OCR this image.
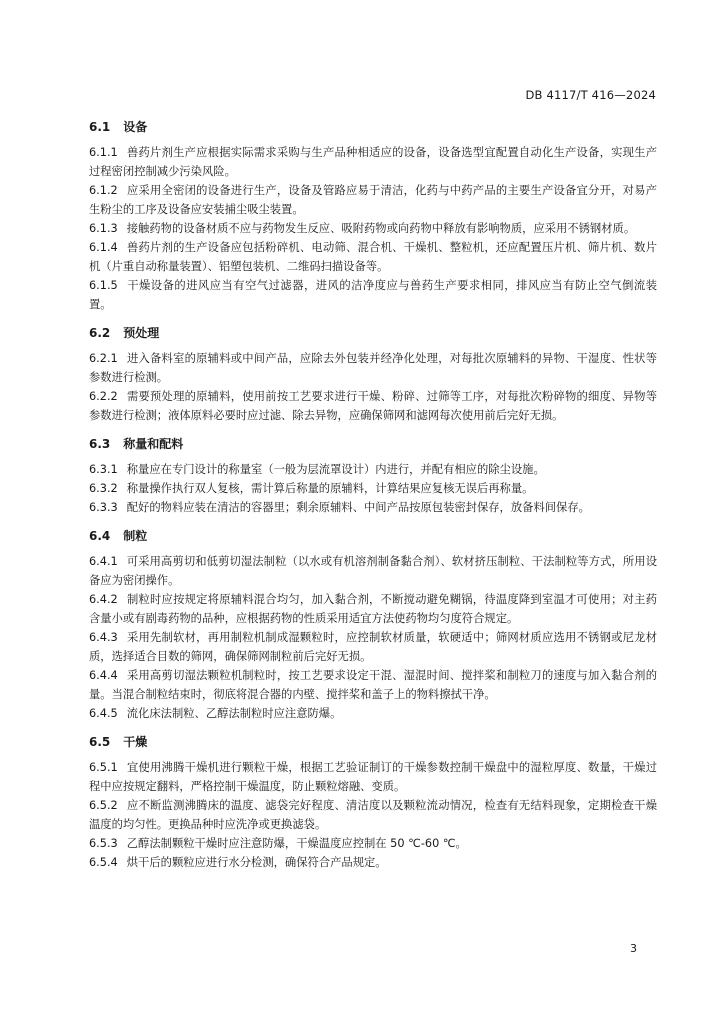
DB 4117/T 416—2024
6.1 设备

6.1.1 兽药片剂生产应根据实际需求采购与生产品种相适应的设备，设备选型宜配置自动化生产设备，实现生产过程密闭控制减少污染风险。

6.1.2 应采用全密闭的设备进行生产，设备及管路应易于清洁，化药与中药产品的主要生产设备宜分开，对易产生粉尘的工序及设备应安装捕尘吸尘装置。

6.1.3 接触药物的设备材质不应与药物发生反应、吸附药物或向药物中释放有影响物质，应采用不锈钢材质。

6.1.4 兽药片剂的生产设备应包括粉碎机、电动筛、混合机、干燥机、整粒机，还应配置压片机、筛片机、数片机（片重自动称量装置）、铝塑包装机、二维码扫描设备等。

6.1.5 干燥设备的进风应当有空气过滤器，进风的洁净度应与兽药生产要求相同，排风应当有防止空气倒流装置。

6.2 预处理

6.2.1 进入备料室的原辅料或中间产品，应除去外包装并经净化处理，对每批次原辅料的异物、干湿度、性状等参数进行检测。

6.2.2 需要预处理的原辅料，使用前按工艺要求进行干燥、粉碎、过筛等工序，对每批次粉碎物的细度、异物等参数进行检测；液体原料必要时应过滤、除去异物，应确保筛网和滤网每次使用前后完好无损。

6.3 称量和配料

6.3.1 称量应在专门设计的称量室（一般为层流罩设计）内进行，并配有相应的除尘设施。

6.3.2 称量操作执行双人复核，需计算后称量的原辅料，计算结果应复核无误后再称量。

6.3.3 配好的物料应装在清洁的容器里；剩余原辅料、中间产品按原包装密封保存，放备料间保存。

6.4 制粒

6.4.1 可采用高剪切和低剪切湿法制粒（以水或有机溶剂制备黏合剂）、软材挤压制粒、干法制粒等方式，所用设备应为密闭操作。

6.4.2 制粒时应按规定将原辅料混合均匀，加入黏合剂，不断搅动避免糊锅，待温度降到室温才可使用；对主药含量小或有剧毒药物的品种，应根据药物的性质采用适宜方法使药物均匀度符合规定。

6.4.3 采用先制软材，再用制粒机制成湿颗粒时，应控制软材质量，软硬适中；筛网材质应选用不锈钢或尼龙材质，选择适合目数的筛网，确保筛网制粒前后完好无损。

6.4.4 采用高剪切湿法颗粒机制粒时，按工艺要求设定干混、湿混时间、搅拌桨和制粒刀的速度与加入黏合剂的量。当混合制粒结束时，彻底将混合器的内壁、搅拌桨和盖子上的物料擦拭干净。

6.4.5 流化床法制粒、乙醇法制粒时应注意防爆。

6.5 干燥

6.5.1 宜使用沸腾干燥机进行颗粒干燥，根据工艺验证制订的干燥参数控制干燥盘中的湿粒厚度、数量，干燥过程中应按规定翻料，严格控制干燥温度，防止颗粒熔融、变质。

6.5.2 应不断监测沸腾床的温度、滤袋完好程度、清洁度以及颗粒流动情况，检查有无结料现象，定期检查干燥温度的均匀性。更换品种时应洗净或更换滤袋。

6.5.3 乙醇法制颗粒干燥时应注意防爆，干燥温度应控制在 50 ℃-60 ℃。

6.5.4 烘干后的颗粒应进行水分检测，确保符合产品规定。

3
